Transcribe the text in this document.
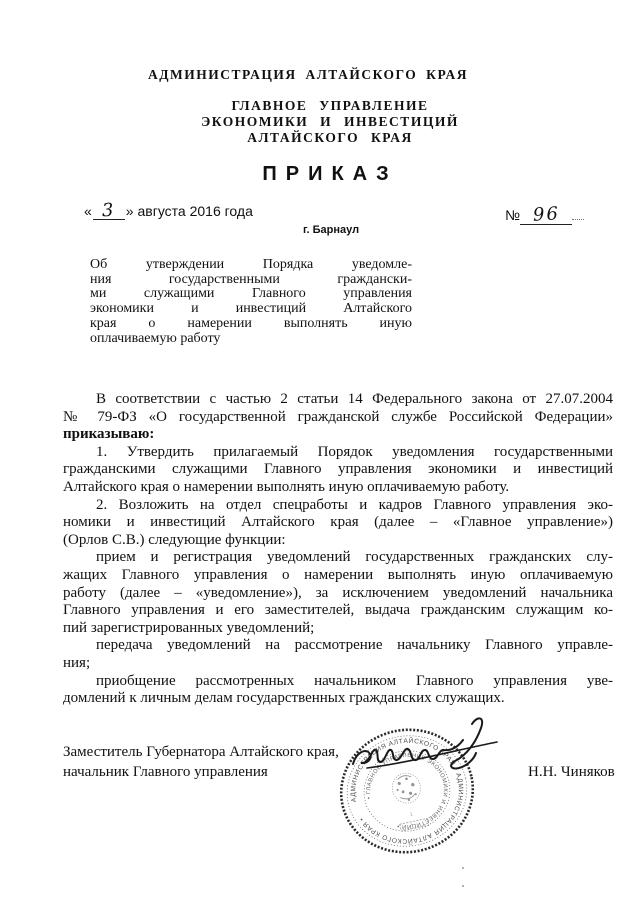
АДМИНИСТРАЦИЯ АЛТАЙСКОГО КРАЯ
ГЛАВНОЕ УПРАВЛЕНИЕ
ЭКОНОМИКИ И ИНВЕСТИЦИЙ
АЛТАЙСКОГО КРАЯ
ПРИКАЗ
« 3 » августа 2016 года
г. Барнаул
№ 96
Об утверждении Порядка уведомле-
ния государственными граждански-
ми служащими Главного управления
экономики и инвестиций Алтайского
края о намерении выполнять иную
оплачиваемую работу
В соответствии с частью 2 статьи 14 Федерального закона от 27.07.2004
№ 79-ФЗ «О государственной гражданской службе Российской Федерации»
приказываю:
1. Утвердить прилагаемый Порядок уведомления государственными
гражданскими служащими Главного управления экономики и инвестиций
Алтайского края о намерении выполнять иную оплачиваемую работу.
2. Возложить на отдел спецработы и кадров Главного управления эко-
номики и инвестиций Алтайского края (далее – «Главное управление»)
(Орлов С.В.) следующие функции:
прием и регистрация уведомлений государственных гражданских слу-
жащих Главного управления о намерении выполнять иную оплачиваемую
работу (далее – «уведомление»), за исключением уведомлений начальника
Главного управления и его заместителей, выдача гражданским служащим ко-
пий зарегистрированных уведомлений;
передача уведомлений на рассмотрение начальнику Главного управле-
ния;
приобщение рассмотренных начальником Главного управления уве-
домлений к личным делам государственных гражданских служащих.
Заместитель Губернатора Алтайского края,
начальник Главного управления	Н.Н. Чиняков
АДМИНИСТРАЦИЯ АЛТАЙСКОГО КРАЯ • АДМИНИСТРАЦИЯ АЛТАЙСКОГО КРАЯ •
• ГЛАВНОЕ УПРАВЛЕНИЕ ЭКОНОМИКИ И ИНВЕСТИЦИЙ •
1
